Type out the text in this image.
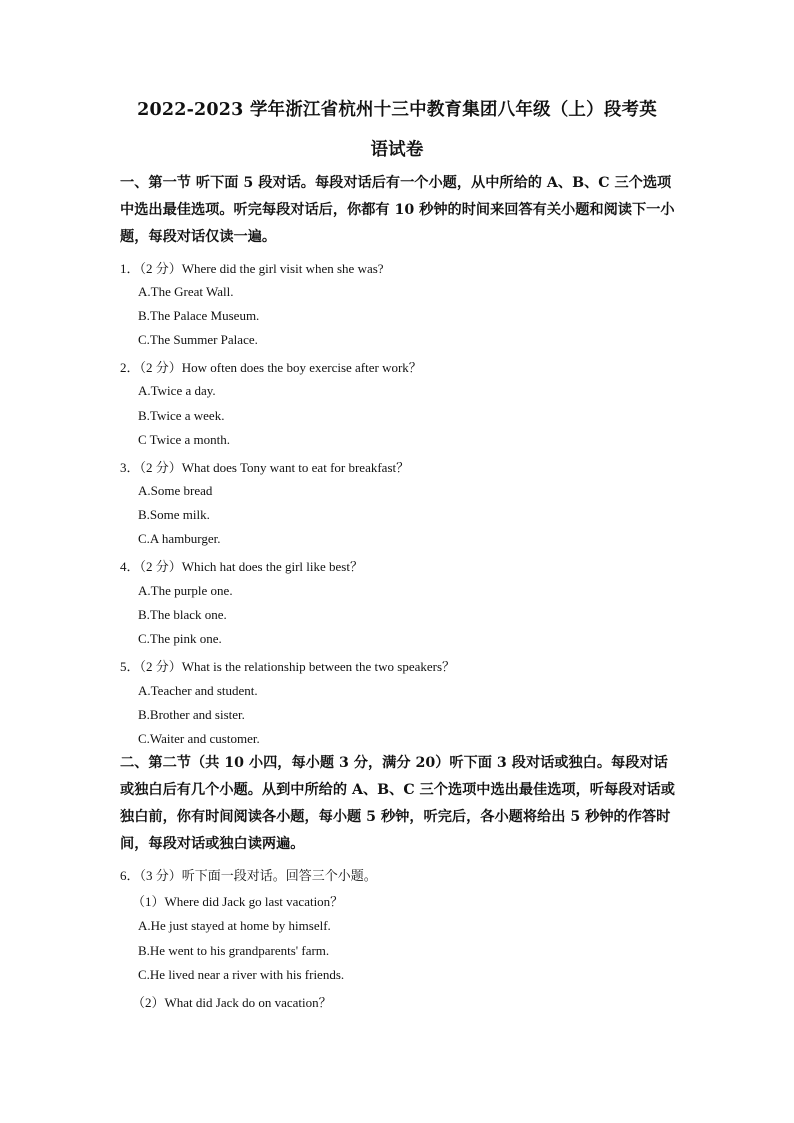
2022-2023 学年浙江省杭州十三中教育集团八年级（上）段考英
语试卷

一、第一节 听下面 5 段对话。每段对话后有一个小题，从中所给的 A、B、C 三个选项中选出最佳选项。听完每段对话后，你都有 10 秒钟的时间来回答有关小题和阅读下一小题，每段对话仅读一遍。

1．（2 分）Where did the girl visit when she was?

A.The Great Wall.

B.The Palace Museum.

C.The Summer Palace.

2．（2 分）How often does the boy exercise after work？

A.Twice a day.

B.Twice a week.

C Twice a month.

3．（2 分）What does Tony want to eat for breakfast？

A.Some bread

B.Some milk.

C.A hamburger.

4．（2 分）Which hat does the girl like best？

A.The purple one.

B.The black one.

C.The pink one.

5．（2 分）What is the relationship between the two speakers？

A.Teacher and student.

B.Brother and sister.

C.Waiter and customer.

二、第二节（共 10 小四，每小题 3 分，满分 20）听下面 3 段对话或独白。每段对话或独白后有几个小题。从到中所给的 A、B、C 三个选项中选出最佳选项，听每段对话或独白前，你有时间阅读各小题，每小题 5 秒钟，听完后，各小题将给出 5 秒钟的作答时间，每段对话或独白读两遍。

6．（3 分）听下面一段对话。回答三个小题。

（1）Where did Jack go last vacation？

A.He just stayed at home by himself.

B.He went to his grandparents' farm.

C.He lived near a river with his friends.

（2）What did Jack do on vacation？
